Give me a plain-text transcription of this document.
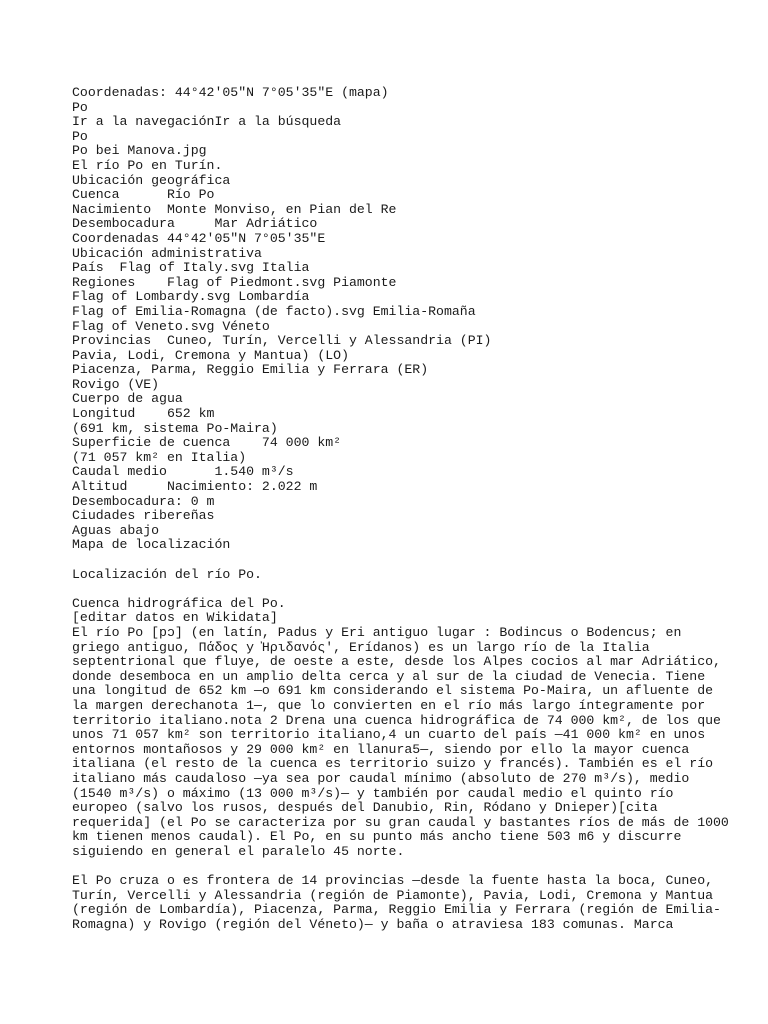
Coordenadas: 44°42'05"N 7°05'35"E (mapa)
Po
Ir a la navegaciónIr a la búsqueda
Po
Po bei Manova.jpg
El río Po en Turín.
Ubicación geográfica
Cuenca      Río Po
Nacimiento  Monte Monviso, en Pian del Re
Desembocadura     Mar Adriático
Coordenadas 44°42'05"N 7°05'35"E
Ubicación administrativa
País  Flag of Italy.svg Italia
Regiones    Flag of Piedmont.svg Piamonte
Flag of Lombardy.svg Lombardía
Flag of Emilia-Romagna (de facto).svg Emilia-Romaña
Flag of Veneto.svg Véneto
Provincias  Cuneo, Turín, Vercelli y Alessandria (PI)
Pavia, Lodi, Cremona y Mantua) (LO)
Piacenza, Parma, Reggio Emilia y Ferrara (ER)
Rovigo (VE)
Cuerpo de agua
Longitud    652 km
(691 km, sistema Po-Maira)
Superficie de cuenca    74 000 km²
(71 057 km² en Italia)
Caudal medio      1.540 m³/s
Altitud     Nacimiento: 2.022 m
Desembocadura: 0 m
Ciudades ribereñas
Aguas abajo
Mapa de localización
Localización del río Po.
Cuenca hidrográfica del Po.
[editar datos en Wikidata]
El río Po [pɔ] (en latín, Padus y Eri antiguo lugar : Bodincus o Bodencus; en
griego antiguo, Πάδος y Ἠριδανός', Erídanos) es un largo río de la Italia
septentrional que fluye, de oeste a este, desde los Alpes cocios al mar Adriático,
donde desemboca en un amplio delta cerca y al sur de la ciudad de Venecia. Tiene
una longitud de 652 km —o 691 km considerando el sistema Po-Maira, un afluente de
la margen derechanota 1—, que lo convierten en el río más largo íntegramente por
territorio italiano.nota 2 Drena una cuenca hidrográfica de 74 000 km², de los que
unos 71 057 km² son territorio italiano,4 un cuarto del país —41 000 km² en unos
entornos montañosos y 29 000 km² en llanura5—, siendo por ello la mayor cuenca
italiana (el resto de la cuenca es territorio suizo y francés). También es el río
italiano más caudaloso —ya sea por caudal mínimo (absoluto de 270 m³/s), medio
(1540 m³/s) o máximo (13 000 m³/s)— y también por caudal medio el quinto río
europeo (salvo los rusos, después del Danubio, Rin, Ródano y Dnieper)[cita
requerida] (el Po se caracteriza por su gran caudal y bastantes ríos de más de 1000
km tienen menos caudal). El Po, en su punto más ancho tiene 503 m6 y discurre
siguiendo en general el paralelo 45 norte.
El Po cruza o es frontera de 14 provincias —desde la fuente hasta la boca, Cuneo,
Turín, Vercelli y Alessandria (región de Piamonte), Pavia, Lodi, Cremona y Mantua
(región de Lombardía), Piacenza, Parma, Reggio Emilia y Ferrara (región de Emilia-
Romagna) y Rovigo (región del Véneto)— y baña o atraviesa 183 comunas. Marca
